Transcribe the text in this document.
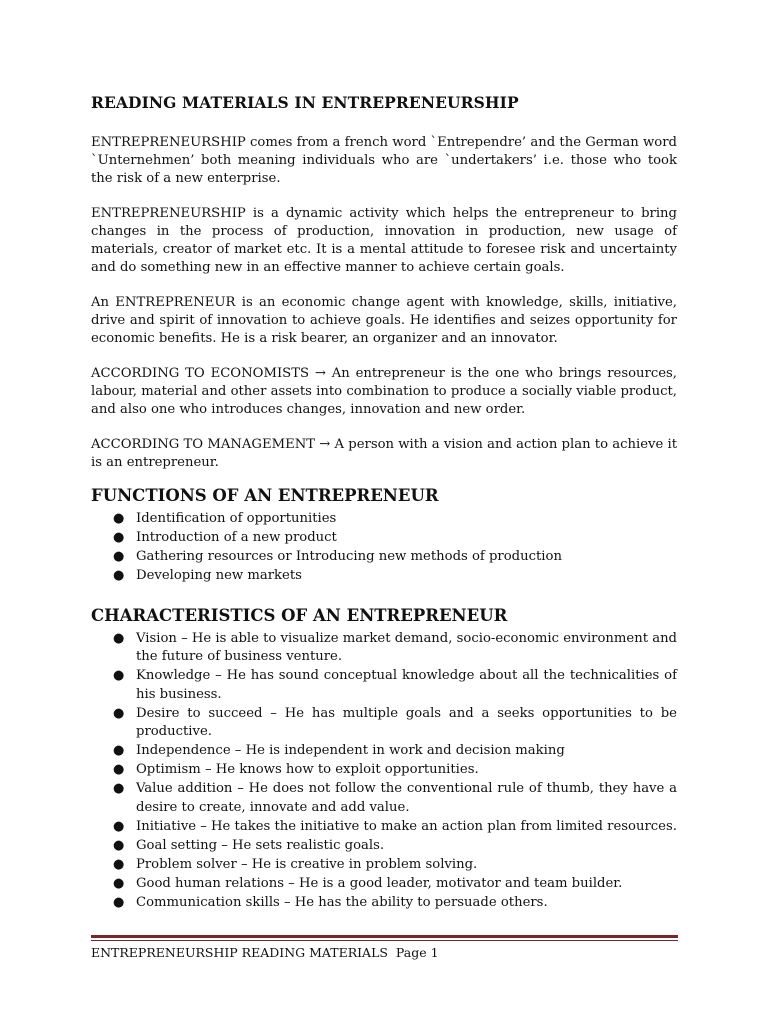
READING MATERIALS IN ENTREPRENEURSHIP

ENTREPRENEURSHIP comes from a french word `Entrependre’ and the German word `Unternehmen’ both meaning individuals who are `undertakers’ i.e. those who took the risk of a new enterprise.

ENTREPRENEURSHIP is a dynamic activity which helps the entrepreneur to bring changes in the process of production, innovation in production, new usage of materials, creator of market etc. It is a mental attitude to foresee risk and uncertainty and do something new in an effective manner to achieve certain goals.

An ENTREPRENEUR is an economic change agent with knowledge, skills, initiative, drive and spirit of innovation to achieve goals. He identifies and seizes opportunity for economic benefits. He is a risk bearer, an organizer and an innovator.

ACCORDING TO ECONOMISTS → An entrepreneur is the one who brings resources, labour, material and other assets into combination to produce a socially viable product, and also one who introduces changes, innovation and new order.

ACCORDING TO MANAGEMENT → A person with a vision and action plan to achieve it is an entrepreneur.

FUNCTIONS OF AN ENTREPRENEUR
● Identification of opportunities
● Introduction of a new product
● Gathering resources or Introducing new methods of production
● Developing new markets
CHARACTERISTICS OF AN ENTREPRENEUR
● Vision – He is able to visualize market demand, socio-economic environment and the future of business venture.
● Knowledge – He has sound conceptual knowledge about all the technicalities of his business.
● Desire to succeed – He has multiple goals and a seeks opportunities to be productive.
● Independence – He is independent in work and decision making
● Optimism – He knows how to exploit opportunities.
● Value addition – He does not follow the conventional rule of thumb, they have a desire to create, innovate and add value.
● Initiative – He takes the initiative to make an action plan from limited resources.
● Goal setting – He sets realistic goals.
● Problem solver – He is creative in problem solving.
● Good human relations – He is a good leader, motivator and team builder.
● Communication skills – He has the ability to persuade others.
ENTREPRENEURSHIP READING MATERIALS Page 1
